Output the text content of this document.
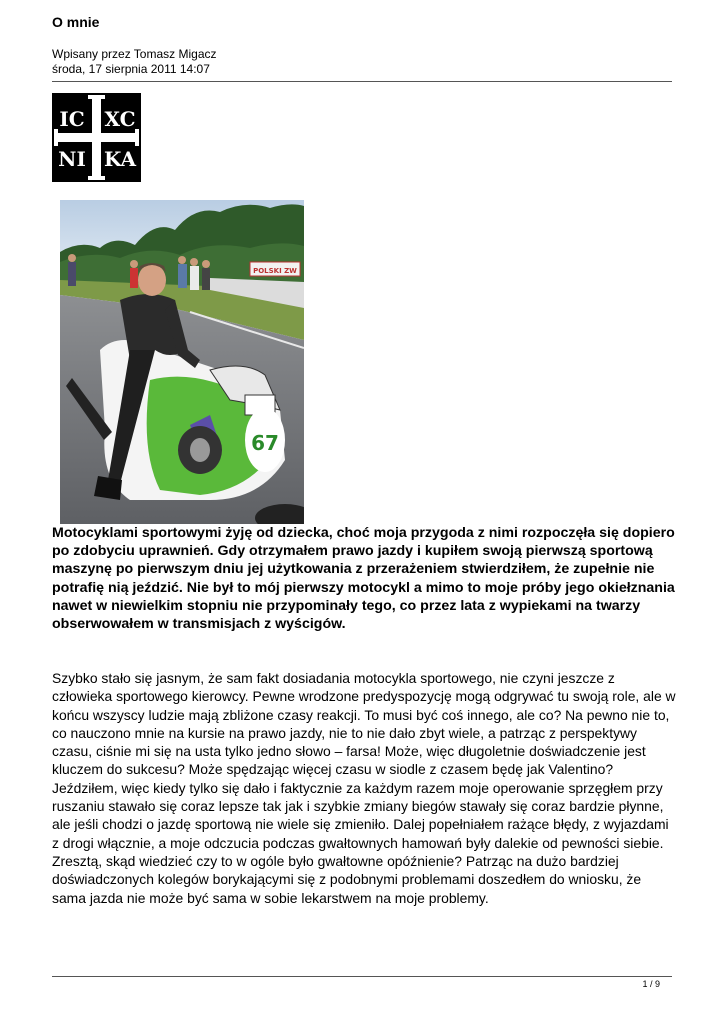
O mnie
Wpisany przez Tomasz Migacz
środa, 17 sierpnia 2011 14:07
IC XC
NI KA
POLSKI ZW
67
Motocyklami sportowymi żyję od dziecka, choć moja przygoda z nimi rozpoczęła się dopiero po zdobyciu uprawnień. Gdy otrzymałem prawo jazdy i kupiłem swoją pierwszą sportową maszynę po pierwszym dniu jej użytkowania z przerażeniem stwierdziłem, że zupełnie nie potrafię nią jeździć. Nie był to mój pierwszy motocykl a mimo to moje próby jego okiełznania nawet w niewielkim stopniu nie przypominały tego, co przez lata z wypiekami na twarzy obserwowałem w transmisjach z wyścigów.
Szybko stało się jasnym, że sam fakt dosiadania motocykla sportowego, nie czyni jeszcze z człowieka sportowego kierowcy. Pewne wrodzone predyspozycję mogą odgrywać tu swoją role, ale w końcu wszyscy ludzie mają zbliżone czasy reakcji. To musi być coś innego, ale co? Na pewno nie to, co nauczono mnie na kursie na prawo jazdy, nie to nie dało zbyt wiele, a patrząc z perspektywy czasu, ciśnie mi się na usta tylko jedno słowo – farsa! Może, więc długoletnie doświadczenie jest kluczem do sukcesu? Może spędzając więcej czasu w siodle z czasem będę jak Valentino? Jeździłem, więc kiedy tylko się dało i faktycznie za każdym razem moje operowanie sprzęgłem przy ruszaniu stawało się coraz lepsze tak jak i szybkie zmiany biegów stawały się coraz bardzie płynne, ale jeśli chodzi o jazdę sportową nie wiele się zmieniło. Dalej popełniałem rażące błędy, z wyjazdami z drogi włącznie, a moje odczucia podczas gwałtownych hamowań były dalekie od pewności siebie. Zresztą, skąd wiedzieć czy to w ogóle było gwałtowne opóźnienie? Patrząc na dużo bardziej doświadczonych kolegów borykającymi się z podobnymi problemami doszedłem do wniosku, że sama jazda nie może być sama w sobie lekarstwem na moje problemy.
1 / 9
